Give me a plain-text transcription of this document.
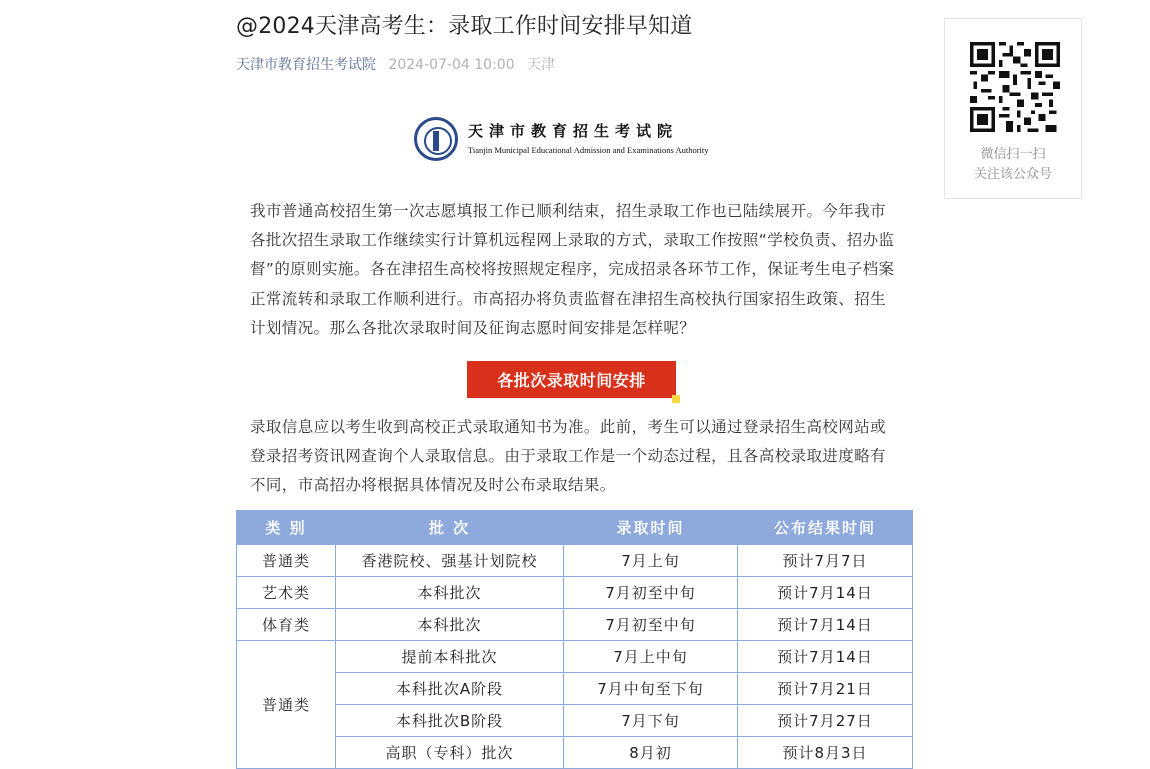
@2024天津高考生：录取工作时间安排早知道
天津市教育招生考试院 2024-07-04 10:00 天津
天津市教育招生考试院
Tianjin Municipal Educational Admission and Examinations Authority

我市普通高校招生第一次志愿填报工作已顺利结束，招生录取工作也已陆续展开。今年我市各批次招生录取工作继续实行计算机远程网上录取的方式，录取工作按照“学校负责、招办监督”的原则实施。各在津招生高校将按照规定程序，完成招录各环节工作，保证考生电子档案正常流转和录取工作顺利进行。市高招办将负责监督在津招生高校执行国家招生政策、招生计划情况。那么各批次录取时间及征询志愿时间安排是怎样呢？

各批次录取时间安排

录取信息应以考生收到高校正式录取通知书为准。此前，考生可以通过登录招生高校网站或登录招考资讯网查询个人录取信息。由于录取工作是一个动态过程，且各高校录取进度略有不同，市高招办将根据具体情况及时公布录取结果。

类 别	批 次	录取时间	公布结果时间
普通类	香港院校、强基计划院校	7月上旬	预计7月7日
艺术类	本科批次	7月初至中旬	预计7月14日
体育类	本科批次	7月初至中旬	预计7月14日
普通类	提前本科批次	7月上中旬	预计7月14日
	本科批次A阶段	7月中旬至下旬	预计7月21日
	本科批次B阶段	7月下旬	预计7月27日
	高职（专科）批次	8月初	预计8月3日
微信扫一扫
关注该公众号
